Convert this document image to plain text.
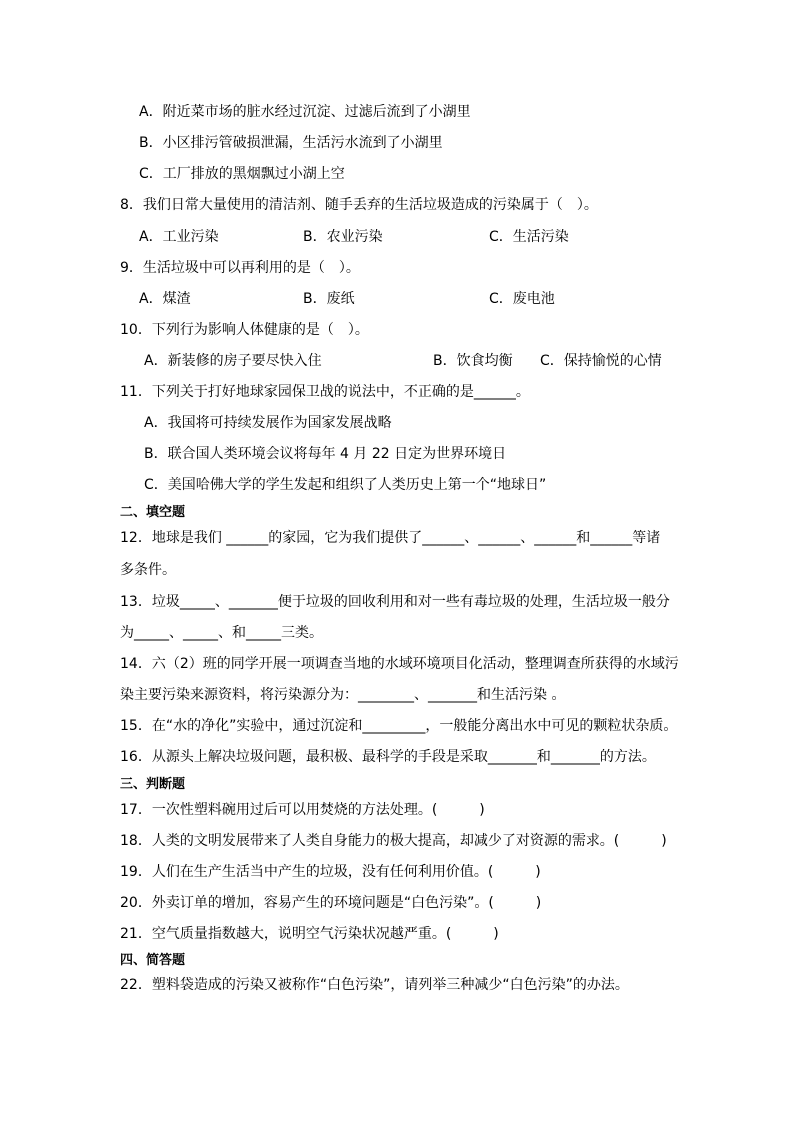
A．附近菜市场的脏水经过沉淀、过滤后流到了小湖里
B．小区排污管破损泄漏，生活污水流到了小湖里
C．工厂排放的黑烟飘过小湖上空
8．我们日常大量使用的清洁剂、随手丢弃的生活垃圾造成的污染属于（　）。
A．工业污染	B．农业污染	C．生活污染
9．生活垃圾中可以再利用的是（　）。
A．煤渣	B．废纸	C．废电池
10．下列行为影响人体健康的是（　）。
A．新装修的房子要尽快入住	B．饮食均衡 C．保持愉悦的心情
11．下列关于打好地球家园保卫战的说法中，不正确的是______。
A．我国将可持续发展作为国家发展战略
B．联合国人类环境会议将每年 4 月 22 日定为世界环境日
C．美国哈佛大学的学生发起和组织了人类历史上第一个“地球日”
二、填空题
12．地球是我们 ______的家园，它为我们提供了______、______、______和______等诸
多条件。
13．垃圾_____、_______便于垃圾的回收利用和对一些有毒垃圾的处理，生活垃圾一般分
为_____、_____、和_____三类。
14．六（2）班的同学开展一项调查当地的水域环境项目化活动，整理调查所获得的水域污
染主要污染来源资料，将污染源分为：________、_______和生活污染 。
15．在“水的净化”实验中，通过沉淀和_________，一般能分离出水中可见的颗粒状杂质。
16．从源头上解决垃圾问题，最积极、最科学的手段是采取_______和_______的方法。
三、判断题
17．一次性塑料碗用过后可以用焚烧的方法处理。(　　　)
18．人类的文明发展带来了人类自身能力的极大提高，却减少了对资源的需求。(　　　)
19．人们在生产生活当中产生的垃圾，没有任何利用价值。(　　　)
20．外卖订单的增加，容易产生的环境问题是“白色污染”。(　　　)
21．空气质量指数越大，说明空气污染状况越严重。(　　　)
四、简答题
22．塑料袋造成的污染又被称作“白色污染”，请列举三种减少“白色污染”的办法。
